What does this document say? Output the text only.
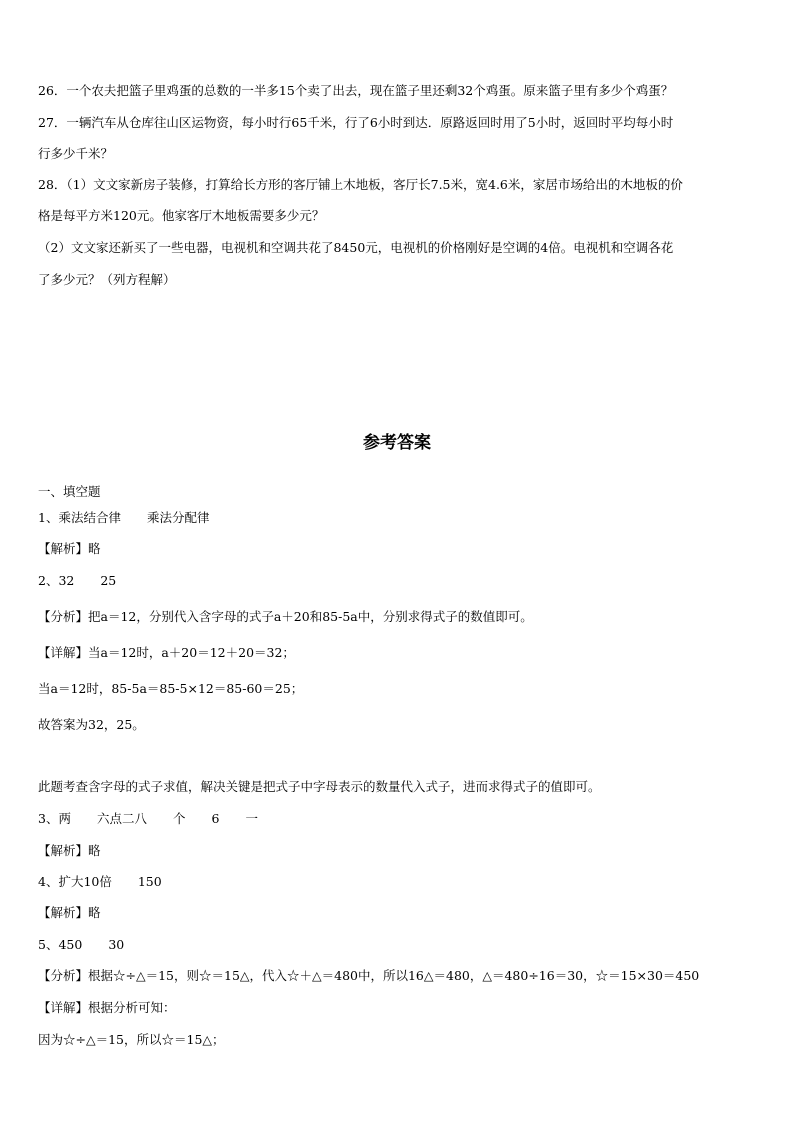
26．一个农夫把篮子里鸡蛋的总数的一半多15个卖了出去，现在篮子里还剩32个鸡蛋。原来篮子里有多少个鸡蛋？
27．一辆汽车从仓库往山区运物资，每小时行65千米，行了6小时到达．原路返回时用了5小时，返回时平均每小时
行多少千米？
28．（1）文文家新房子装修，打算给长方形的客厅铺上木地板，客厅长7.5米，宽4.6米，家居市场给出的木地板的价
格是每平方米120元。他家客厅木地板需要多少元？
（2）文文家还新买了一些电器，电视机和空调共花了8450元，电视机的价格刚好是空调的4倍。电视机和空调各花
了多少元？（列方程解）
参考答案
一、填空题
1、乘法结合律 乘法分配律
【解析】略
2、32 25
【分析】把a＝12，分别代入含字母的式子a＋20和85-5a中，分别求得式子的数值即可。
【详解】当a＝12时，a＋20＝12＋20＝32；
当a＝12时，85-5a＝85-5×12＝85-60＝25；
故答案为32，25。
此题考查含字母的式子求值，解决关键是把式子中字母表示的数量代入式子，进而求得式子的值即可。
3、两 六点二八 个 6 一
【解析】略
4、扩大10倍 150
【解析】略
5、450 30
【分析】根据☆÷△＝15，则☆＝15△，代入☆＋△＝480中，所以16△＝480，△＝480÷16＝30，☆＝15×30＝450
【详解】根据分析可知：
因为☆÷△＝15，所以☆＝15△；
